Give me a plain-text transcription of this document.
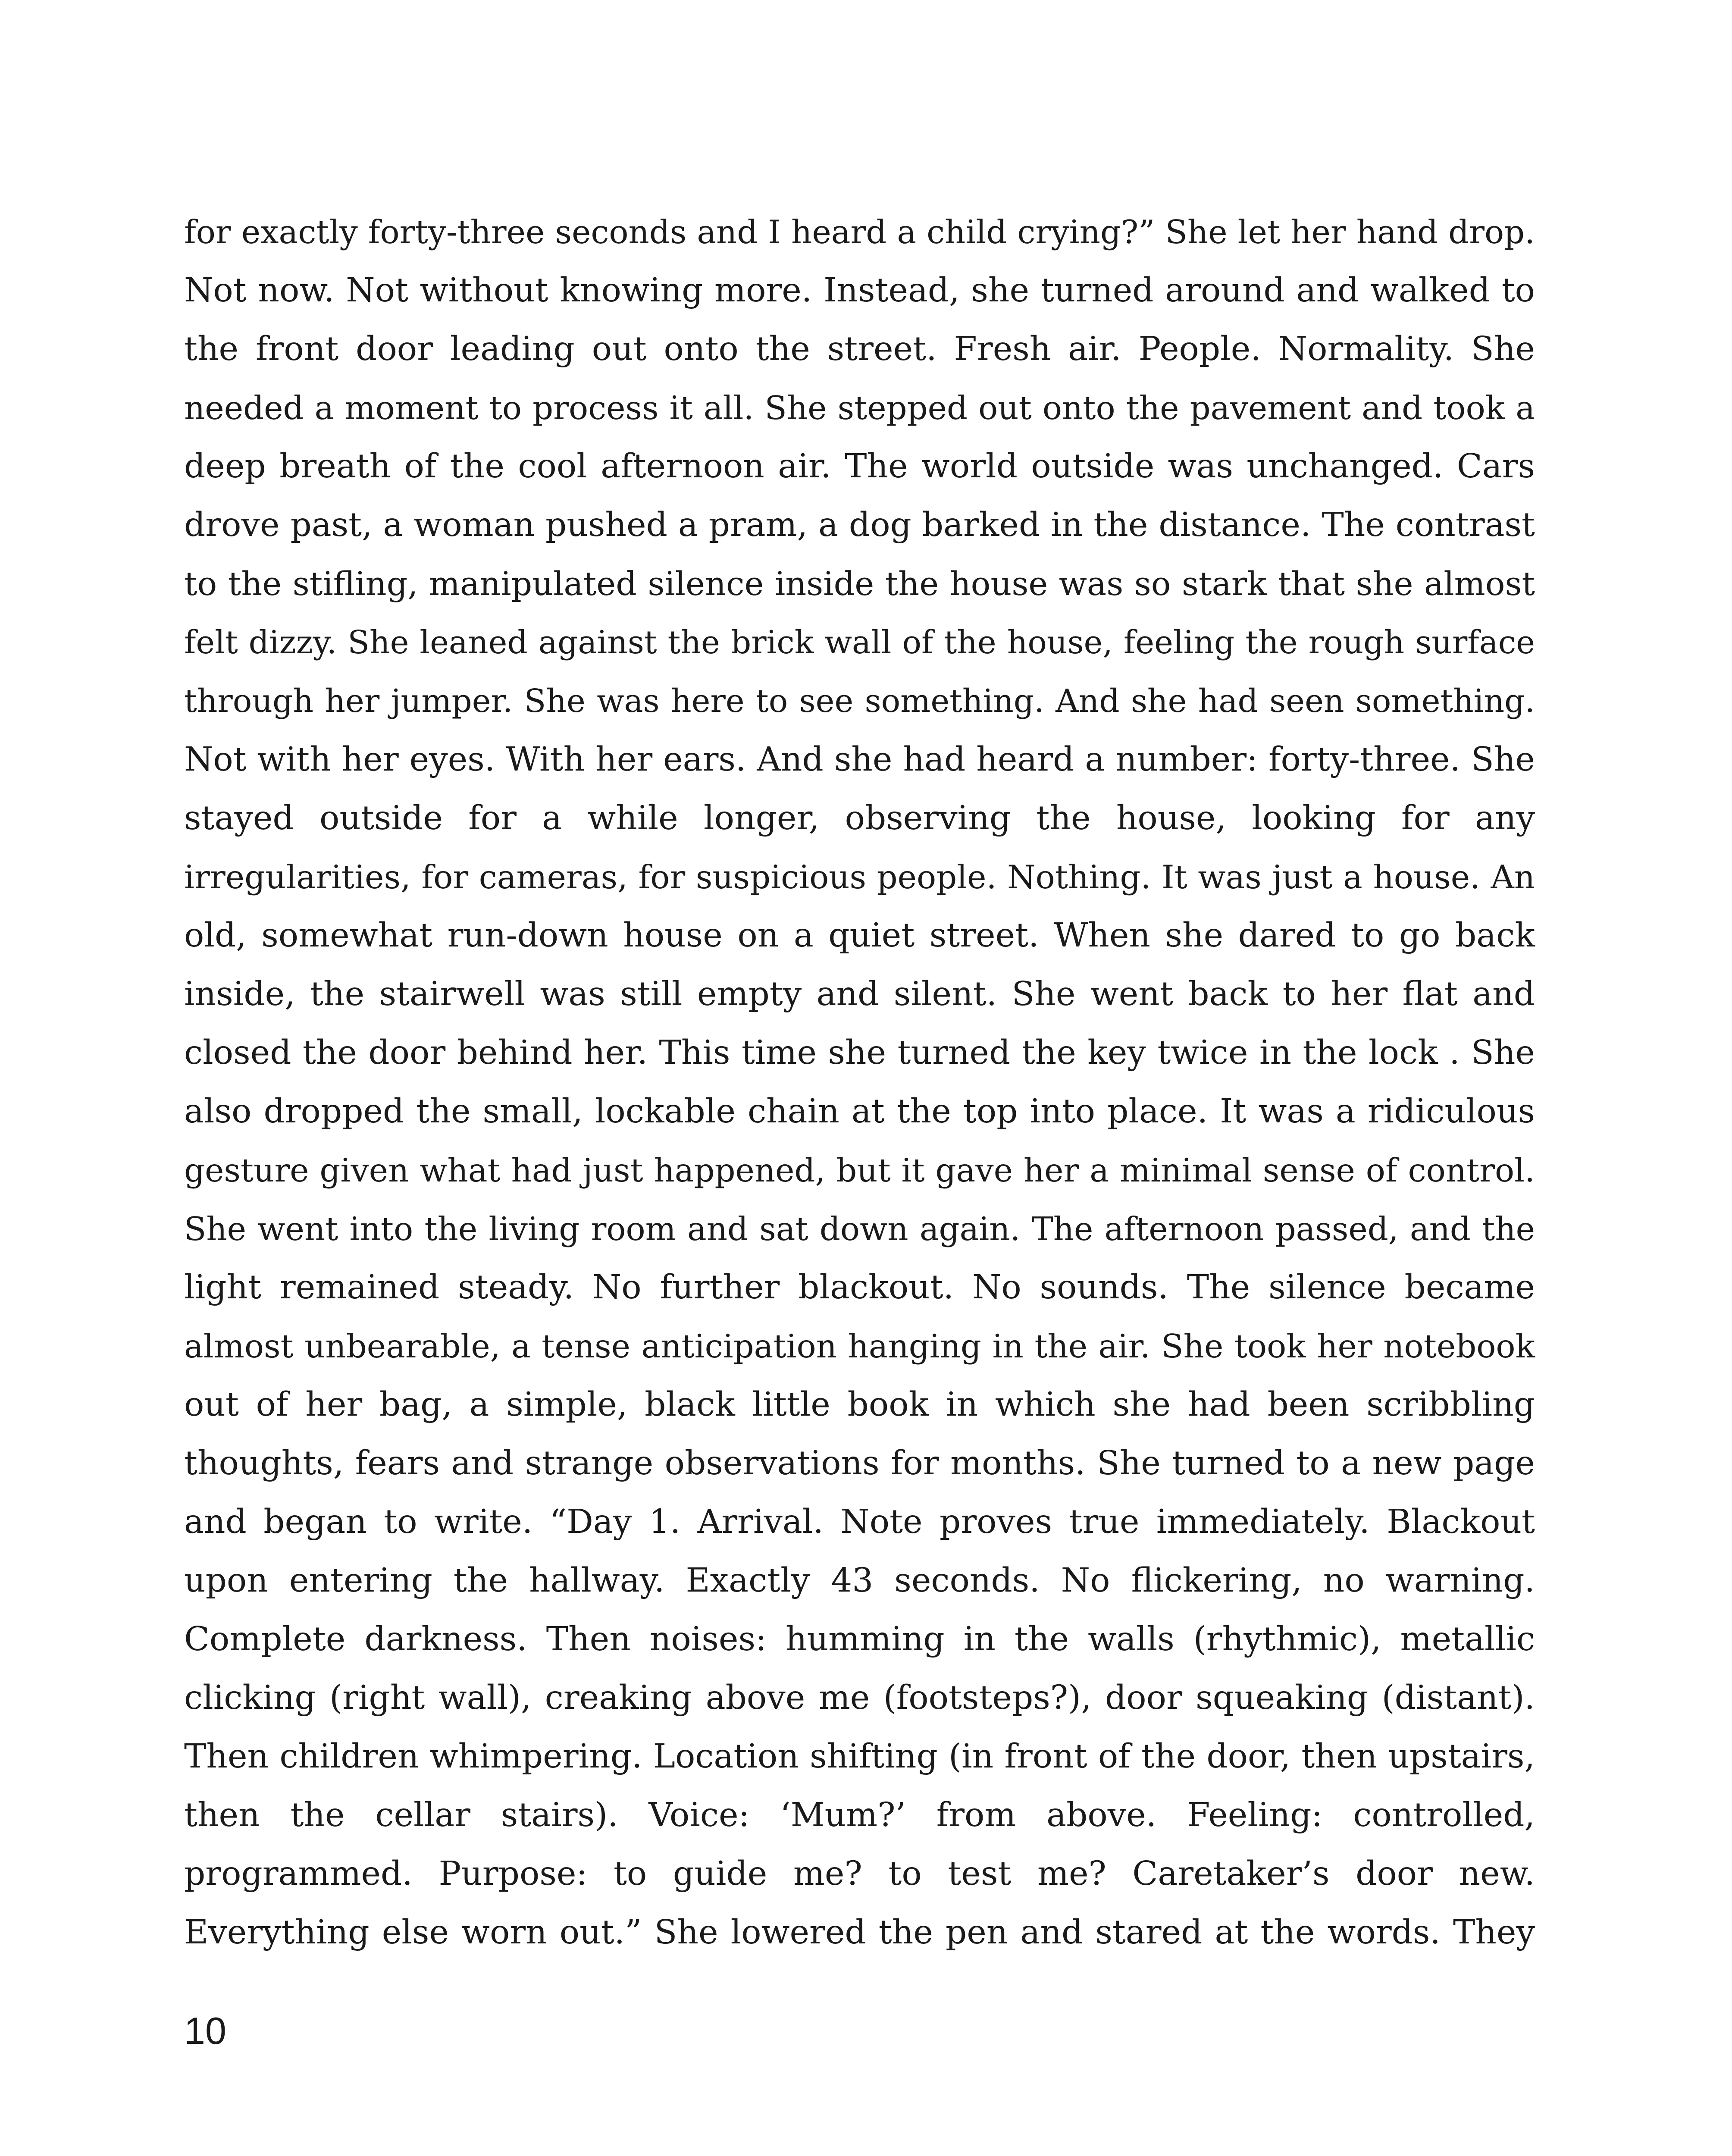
for exactly forty-three seconds and I heard a child crying?” She let her hand drop.
Not now. Not without knowing more. Instead, she turned around and walked to
the front door leading out onto the street. Fresh air. People. Normality. She
needed a moment to process it all. She stepped out onto the pavement and took a
deep breath of the cool afternoon air. The world outside was unchanged. Cars
drove past, a woman pushed a pram, a dog barked in the distance. The contrast
to the stifling, manipulated silence inside the house was so stark that she almost
felt dizzy. She leaned against the brick wall of the house, feeling the rough surface
through her jumper. She was here to see something. And she had seen something.
Not with her eyes. With her ears. And she had heard a number: forty-three. She
stayed outside for a while longer, observing the house, looking for any
irregularities, for cameras, for suspicious people. Nothing. It was just a house. An
old, somewhat run-down house on a quiet street. When she dared to go back
inside, the stairwell was still empty and silent. She went back to her flat and
closed the door behind her. This time she turned the key twice in the lock . She
also dropped the small, lockable chain at the top into place. It was a ridiculous
gesture given what had just happened, but it gave her a minimal sense of control.
She went into the living room and sat down again. The afternoon passed, and the
light remained steady. No further blackout. No sounds. The silence became
almost unbearable, a tense anticipation hanging in the air. She took her notebook
out of her bag, a simple, black little book in which she had been scribbling
thoughts, fears and strange observations for months. She turned to a new page
and began to write. “Day 1. Arrival. Note proves true immediately. Blackout
upon entering the hallway. Exactly 43 seconds. No flickering, no warning.
Complete darkness. Then noises: humming in the walls (rhythmic), metallic
clicking (right wall), creaking above me (footsteps?), door squeaking (distant).
Then children whimpering. Location shifting (in front of the door, then upstairs,
then the cellar stairs). Voice: ‘Mum?’ from above. Feeling: controlled,
programmed. Purpose: to guide me? to test me? Caretaker’s door new.
Everything else worn out.” She lowered the pen and stared at the words. They
10
